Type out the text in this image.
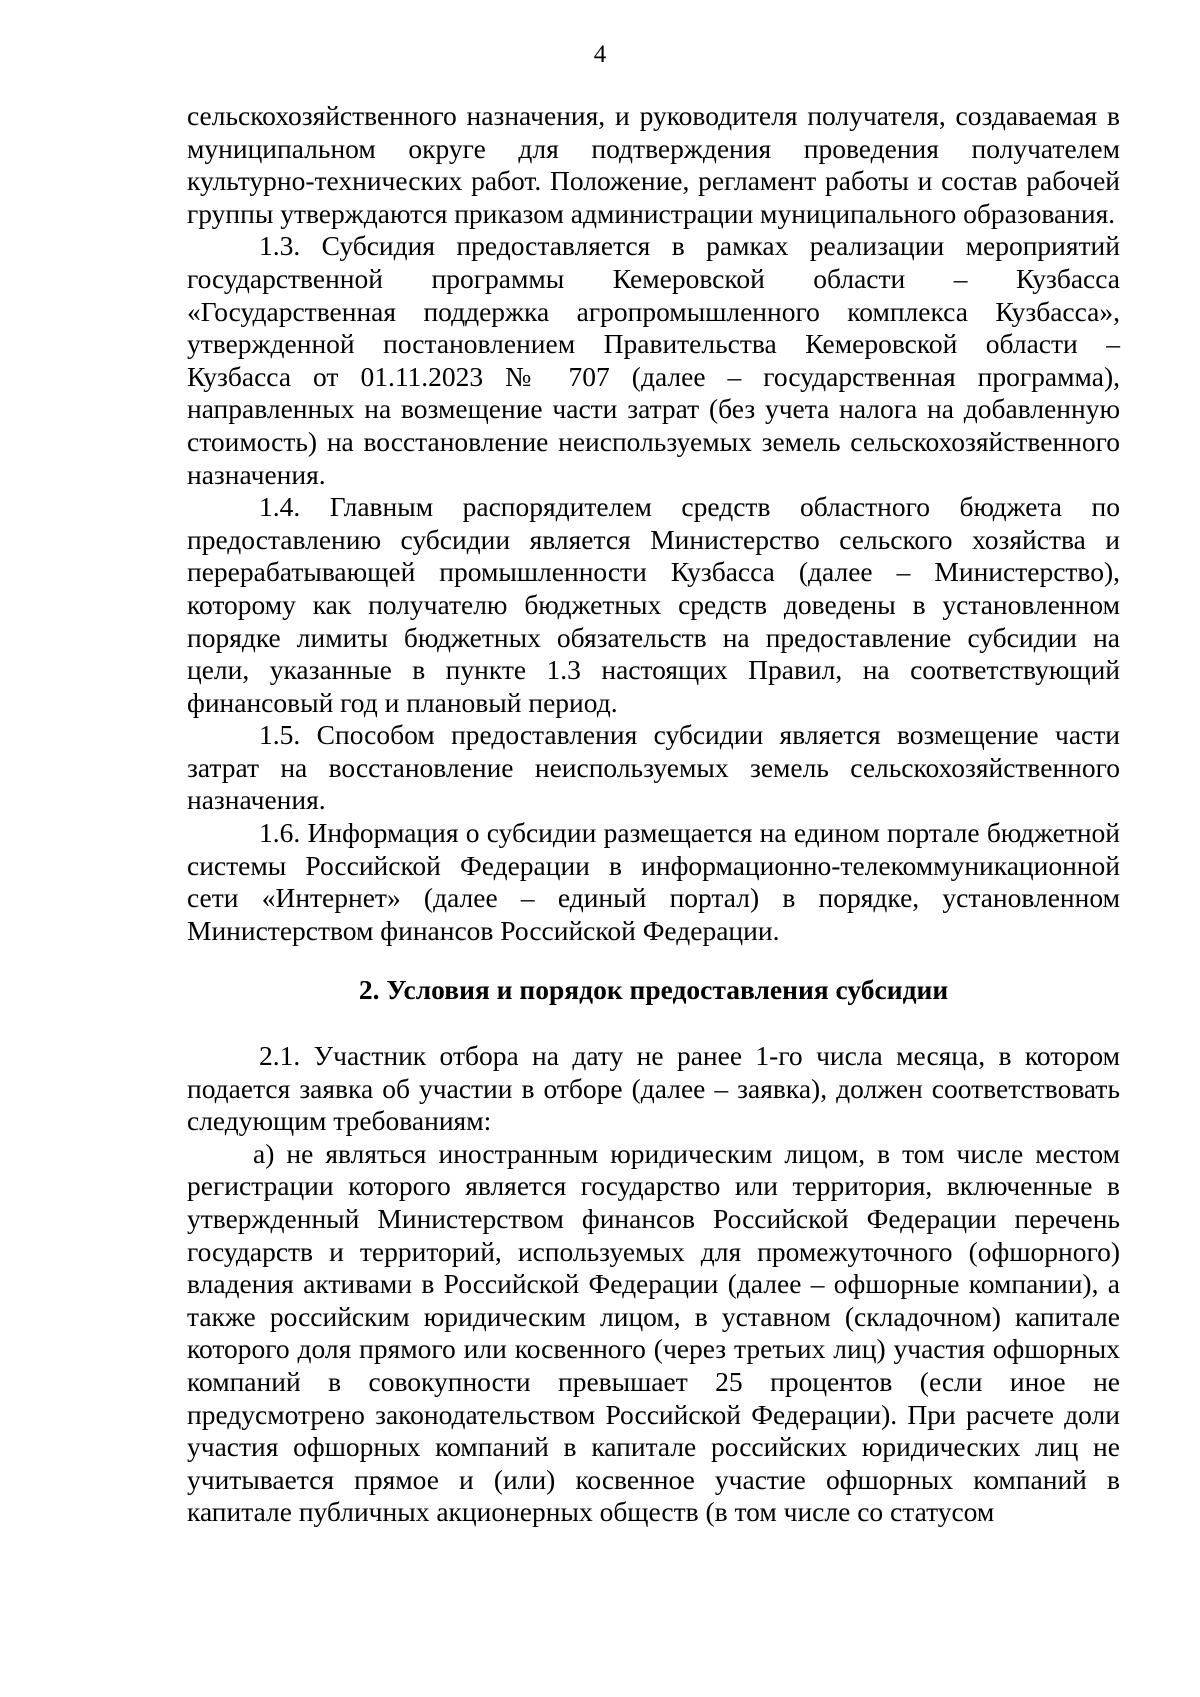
4

сельскохозяйственного назначения, и руководителя получателя, создаваемая в муниципальном округе для подтверждения проведения получателем культурно-технических работ. Положение, регламент работы и состав рабочей группы утверждаются приказом администрации муниципального образования.

1.3. Субсидия предоставляется в рамках реализации мероприятий государственной программы Кемеровской области – Кузбасса «Государственная поддержка агропромышленного комплекса Кузбасса», утвержденной постановлением Правительства Кемеровской области – Кузбасса от 01.11.2023 № 707 (далее – государственная программа), направленных на возмещение части затрат (без учета налога на добавленную стоимость) на восстановление неиспользуемых земель сельскохозяйственного назначения.

1.4. Главным распорядителем средств областного бюджета по предоставлению субсидии является Министерство сельского хозяйства и перерабатывающей промышленности Кузбасса (далее – Министерство), которому как получателю бюджетных средств доведены в установленном порядке лимиты бюджетных обязательств на предоставление субсидии на цели, указанные в пункте 1.3 настоящих Правил, на соответствующий финансовый год и плановый период.

1.5. Способом предоставления субсидии является возмещение части затрат на восстановление неиспользуемых земель сельскохозяйственного назначения.

1.6. Информация о субсидии размещается на едином портале бюджетной системы Российской Федерации в информационно-телекоммуникационной сети «Интернет» (далее – единый портал) в порядке, установленном Министерством финансов Российской Федерации.

2. Условия и порядок предоставления субсидии

2.1. Участник отбора на дату не ранее 1-го числа месяца, в котором подается заявка об участии в отборе (далее – заявка), должен соответствовать следующим требованиям:

а) не являться иностранным юридическим лицом, в том числе местом регистрации которого является государство или территория, включенные в утвержденный Министерством финансов Российской Федерации перечень государств и территорий, используемых для промежуточного (офшорного) владения активами в Российской Федерации (далее – офшорные компании), а также российским юридическим лицом, в уставном (складочном) капитале которого доля прямого или косвенного (через третьих лиц) участия офшорных компаний в совокупности превышает 25 процентов (если иное не предусмотрено законодательством Российской Федерации). При расчете доли участия офшорных компаний в капитале российских юридических лиц не учитывается прямое и (или) косвенное участие офшорных компаний в капитале публичных акционерных обществ (в том числе со статусом
